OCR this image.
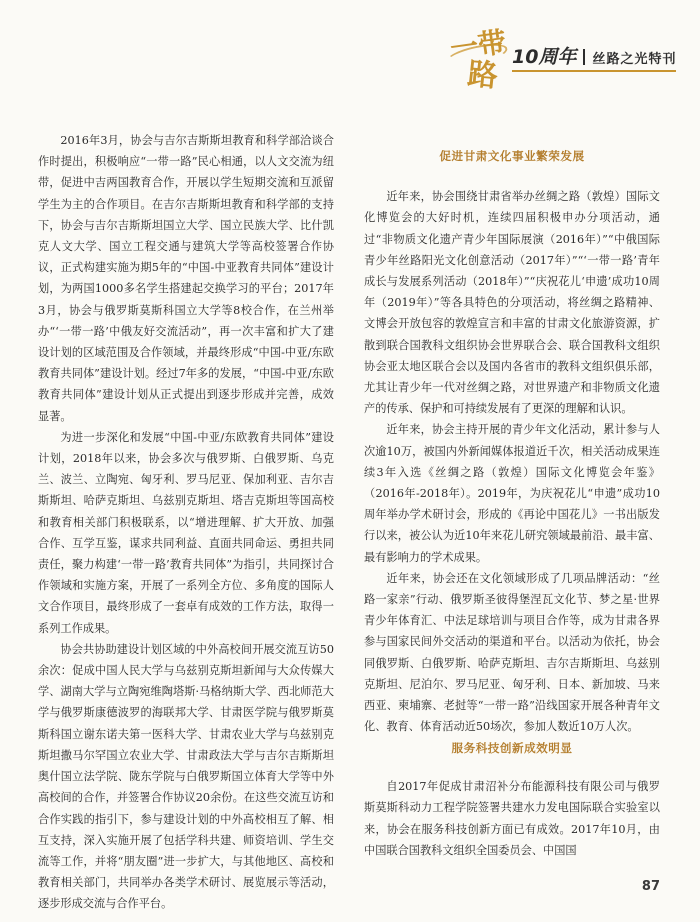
一带
路 10周年 丝路之光特刊

2016年3月，协会与吉尔吉斯斯坦教育和科学部洽谈合作时提出，积极响应“一带一路”民心相通，以人文交流为纽带，促进中吉两国教育合作，开展以学生短期交流和互派留学生为主的合作项目。在吉尔吉斯斯坦教育和科学部的支持下，协会与吉尔吉斯斯坦国立大学、国立民族大学、比什凯克人文大学、国立工程交通与建筑大学等高校签署合作协议，正式构建实施为期5年的“中国-中亚教育共同体”建设计划，为两国1000多名学生搭建起交换学习的平台；2017年3月，协会与俄罗斯莫斯科国立大学等8校合作，在兰州举办“‘一带一路’中俄友好交流活动”，再一次丰富和扩大了建设计划的区域范围及合作领域，并最终形成“中国-中亚/东欧教育共同体”建设计划。经过7年多的发展，“中国-中亚/东欧教育共同体”建设计划从正式提出到逐步形成并完善，成效显著。

为进一步深化和发展“中国-中亚/东欧教育共同体”建设计划，2018年以来，协会多次与俄罗斯、白俄罗斯、乌克兰、波兰、立陶宛、匈牙利、罗马尼亚、保加利亚、吉尔吉斯斯坦、哈萨克斯坦、乌兹别克斯坦、塔吉克斯坦等国高校和教育相关部门积极联系，以“增进理解、扩大开放、加强合作、互学互鉴，谋求共同利益、直面共同命运、勇担共同责任，聚力构建‘一带一路’教育共同体”为指引，共同探讨合作领域和实施方案，开展了一系列全方位、多角度的国际人文合作项目，最终形成了一套卓有成效的工作方法，取得一系列工作成果。

协会共协助建设计划区域的中外高校间开展交流互访50余次：促成中国人民大学与乌兹别克斯坦新闻与大众传媒大学、湖南大学与立陶宛维陶塔斯·马格纳斯大学、西北师范大学与俄罗斯康德波罗的海联邦大学、甘肃医学院与俄罗斯莫斯科国立谢东诺夫第一医科大学、甘肃农业大学与乌兹别克斯坦撒马尔罕国立农业大学、甘肃政法大学与吉尔吉斯斯坦奥什国立法学院、陇东学院与白俄罗斯国立体育大学等中外高校间的合作，并签署合作协议20余份。在这些交流互访和合作实践的指引下，参与建设计划的中外高校相互了解、相互支持，深入实施开展了包括学科共建、师资培训、学生交流等工作，并将“朋友圈”进一步扩大，与其他地区、高校和教育相关部门，共同举办各类学术研讨、展览展示等活动，逐步形成交流与合作平台。

促进甘肃文化事业繁荣发展

近年来，协会围绕甘肃省举办丝绸之路（敦煌）国际文化博览会的大好时机，连续四届积极申办分项活动，通过“非物质文化遗产青少年国际展演（2016年）”“中俄国际青少年丝路阳光文化创意活动（2017年）”“‘一带一路’青年成长与发展系列活动（2018年）”“庆祝花儿‘申遗’成功10周年（2019年）”等各具特色的分项活动，将丝绸之路精神、文博会开放包容的敦煌宣言和丰富的甘肃文化旅游资源，扩散到联合国教科文组织协会世界联合会、联合国教科文组织协会亚太地区联合会以及国内各省市的教科文组织俱乐部，尤其让青少年一代对丝绸之路，对世界遗产和非物质文化遗产的传承、保护和可持续发展有了更深的理解和认识。

近年来，协会主持开展的青少年文化活动，累计参与人次逾10万，被国内外新闻媒体报道近千次，相关活动成果连续3年入选《丝绸之路（敦煌）国际文化博览会年鉴》（2016年-2018年）。2019年，为庆祝花儿“申遗”成功10周年举办学术研讨会，形成的《再论中国花儿》一书出版发行以来，被公认为近10年来花儿研究领域最前沿、最丰富、最有影响力的学术成果。

近年来，协会还在文化领域形成了几项品牌活动：“丝路一家亲”行动、俄罗斯圣彼得堡涅瓦文化节、梦之星·世界青少年体育汇、中法足球培训与项目合作等，成为甘肃各界参与国家民间外交活动的渠道和平台。以活动为依托，协会同俄罗斯、白俄罗斯、哈萨克斯坦、吉尔吉斯斯坦、乌兹别克斯坦、尼泊尔、罗马尼亚、匈牙利、日本、新加坡、马来西亚、柬埔寨、老挝等“一带一路”沿线国家开展各种青年文化、教育、体育活动近50场次，参加人数近10万人次。

服务科技创新成效明显

自2017年促成甘肃沼补分布能源科技有限公司与俄罗斯莫斯科动力工程学院签署共建水力发电国际联合实验室以来，协会在服务科技创新方面已有成效。2017年10月，由中国联合国教科文组织全国委员会、中国国

87
